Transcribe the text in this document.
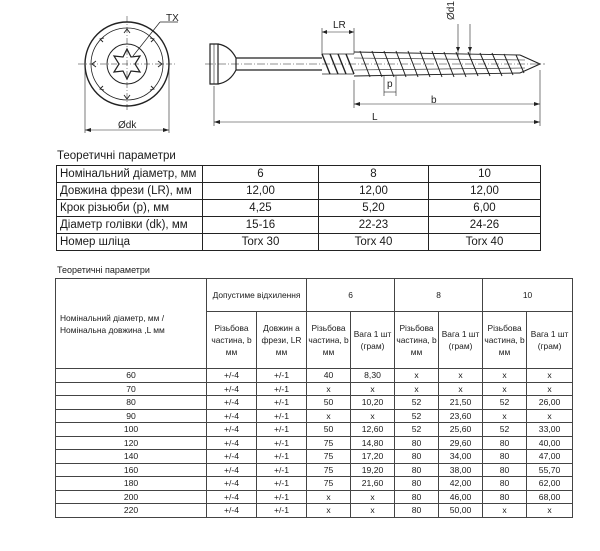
TX
LR
Ød1
p
b
L
Ødk
Теоретичні параметри
Номінальний діаметр, мм	6	8	10
Довжина фрези (LR), мм	12,00	12,00	12,00
Крок різьюби (p), мм	4,25	5,20	6,00
Діаметр голівки (dk), мм	15-16	22-23	24-26
Номер шліца	Torx 30	Torx 40	Torx 40
Теоретичні параметри
Номінальний діаметр, мм / Номінальна довжина ,L мм	Допустиме відхилення		6		8		10	
	Різьбова частина, b мм	Довжин а фрези, LR мм	Різьбова частина, b мм	Вага 1 шт (грам)	Різьбова частина, b мм	Вага 1 шт (грам)	Різьбова частина, b мм	Вага 1 шт (грам)
60	+/-4	+/-1	40	8,30	x	x	x	x
70	+/-4	+/-1	x	x	x	x	x	x
80	+/-4	+/-1	50	10,20	52	21,50	52	26,00
90	+/-4	+/-1	x	x	52	23,60	x	x
100	+/-4	+/-1	50	12,60	52	25,60	52	33,00
120	+/-4	+/-1	75	14,80	80	29,60	80	40,00
140	+/-4	+/-1	75	17,20	80	34,00	80	47,00
160	+/-4	+/-1	75	19,20	80	38,00	80	55,70
180	+/-4	+/-1	75	21,60	80	42,00	80	62,00
200	+/-4	+/-1	x	x	80	46,00	80	68,00
220	+/-4	+/-1	x	x	80	50,00	x	x
